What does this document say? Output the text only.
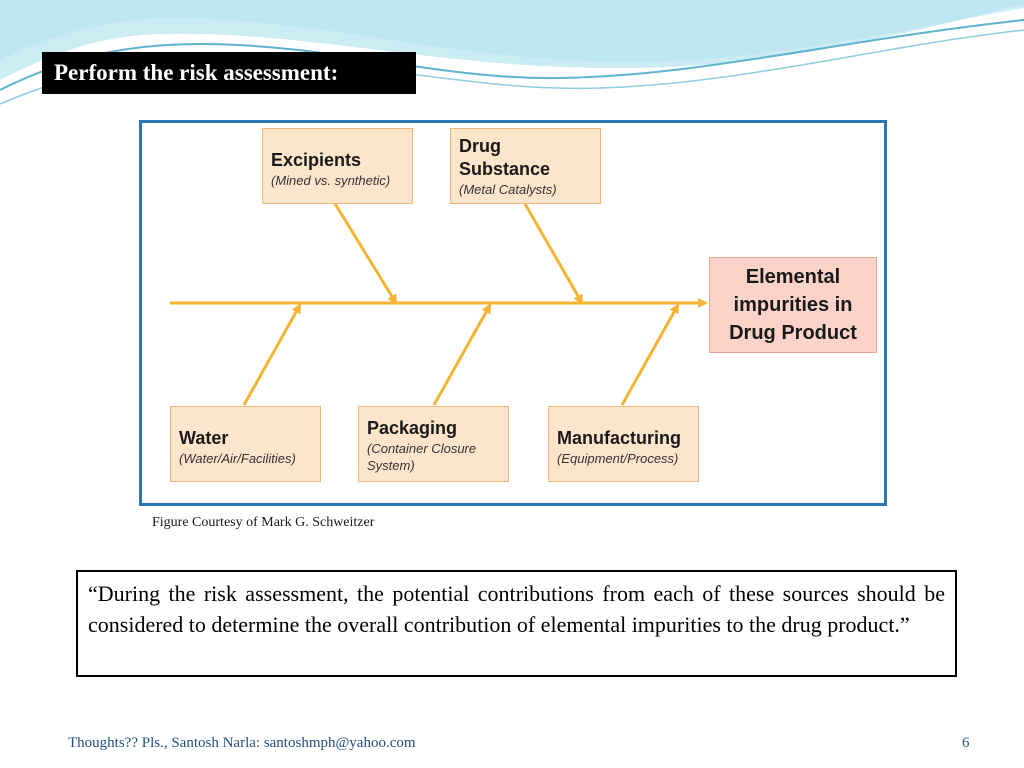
Perform the risk assessment:
Excipients
(Mined vs. synthetic)
Drug Substance
(Metal Catalysts)
Elemental impurities in Drug Product
Water
(Water/Air/Facilities)
Packaging
(Container Closure System)
Manufacturing
(Equipment/Process)
Figure Courtesy of Mark G. Schweitzer
“During the risk assessment, the potential contributions from each of these sources should be considered to determine the overall contribution of elemental impurities to the drug product.”
Thoughts?? Pls., Santosh Narla: santoshmph@yahoo.com	6
